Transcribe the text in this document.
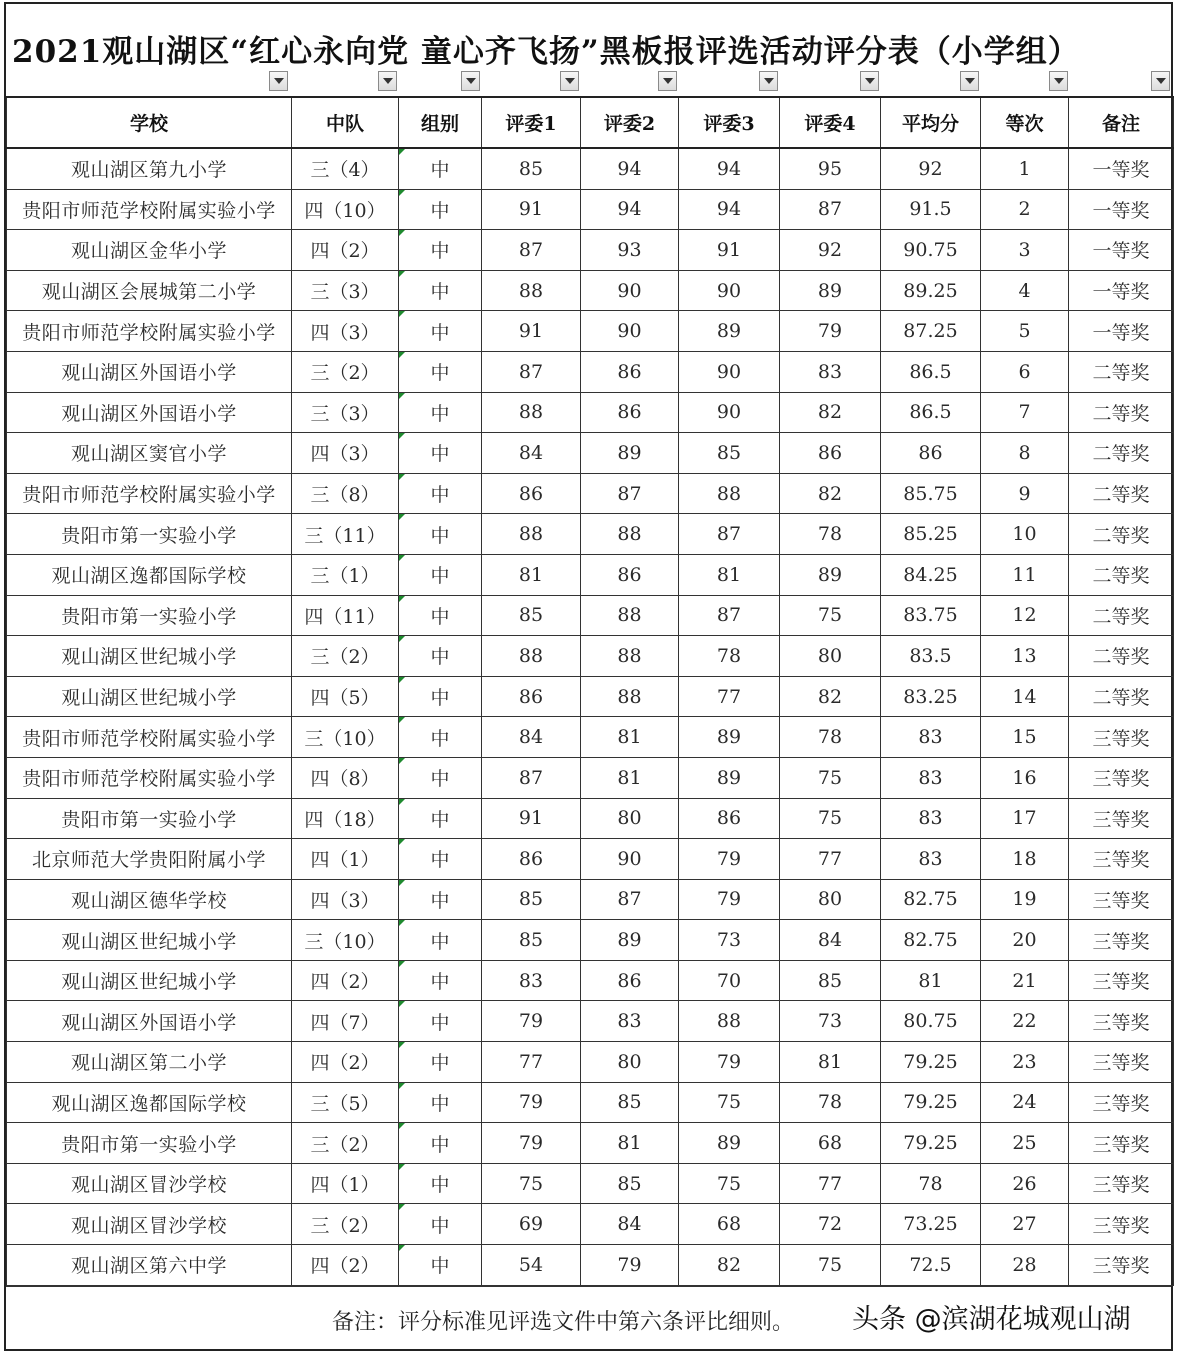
2021观山湖区“红心永向党 童心齐飞扬”黑板报评选活动评分表（小学组）
学校	中队	组别	评委1	评委2	评委3	评委4	平均分	等次	备注
观山湖区第九小学	三（4）	中	85	94	94	95	92	1	一等奖
贵阳市师范学校附属实验小学	四（10）	中	91	94	94	87	91.5	2	一等奖
观山湖区金华小学	四（2）	中	87	93	91	92	90.75	3	一等奖
观山湖区会展城第二小学	三（3）	中	88	90	90	89	89.25	4	一等奖
贵阳市师范学校附属实验小学	四（3）	中	91	90	89	79	87.25	5	一等奖
观山湖区外国语小学	三（2）	中	87	86	90	83	86.5	6	二等奖
观山湖区外国语小学	三（3）	中	88	86	90	82	86.5	7	二等奖
观山湖区窦官小学	四（3）	中	84	89	85	86	86	8	二等奖
贵阳市师范学校附属实验小学	三（8）	中	86	87	88	82	85.75	9	二等奖
贵阳市第一实验小学	三（11）	中	88	88	87	78	85.25	10	二等奖
观山湖区逸都国际学校	三（1）	中	81	86	81	89	84.25	11	二等奖
贵阳市第一实验小学	四（11）	中	85	88	87	75	83.75	12	二等奖
观山湖区世纪城小学	三（2）	中	88	88	78	80	83.5	13	二等奖
观山湖区世纪城小学	四（5）	中	86	88	77	82	83.25	14	二等奖
贵阳市师范学校附属实验小学	三（10）	中	84	81	89	78	83	15	三等奖
贵阳市师范学校附属实验小学	四（8）	中	87	81	89	75	83	16	三等奖
贵阳市第一实验小学	四（18）	中	91	80	86	75	83	17	三等奖
北京师范大学贵阳附属小学	四（1）	中	86	90	79	77	83	18	三等奖
观山湖区德华学校	四（3）	中	85	87	79	80	82.75	19	三等奖
观山湖区世纪城小学	三（10）	中	85	89	73	84	82.75	20	三等奖
观山湖区世纪城小学	四（2）	中	83	86	70	85	81	21	三等奖
观山湖区外国语小学	四（7）	中	79	83	88	73	80.75	22	三等奖
观山湖区第二小学	四（2）	中	77	80	79	81	79.25	23	三等奖
观山湖区逸都国际学校	三（5）	中	79	85	75	78	79.25	24	三等奖
贵阳市第一实验小学	三（2）	中	79	81	89	68	79.25	25	三等奖
观山湖区冒沙学校	四（1）	中	75	85	75	77	78	26	三等奖
观山湖区冒沙学校	三（2）	中	69	84	68	72	73.25	27	三等奖
观山湖区第六中学	四（2）	中	54	79	82	75	72.5	28	三等奖
备注：评分标准见评选文件中第六条评比细则。 头条 @滨湖花城观山湖
